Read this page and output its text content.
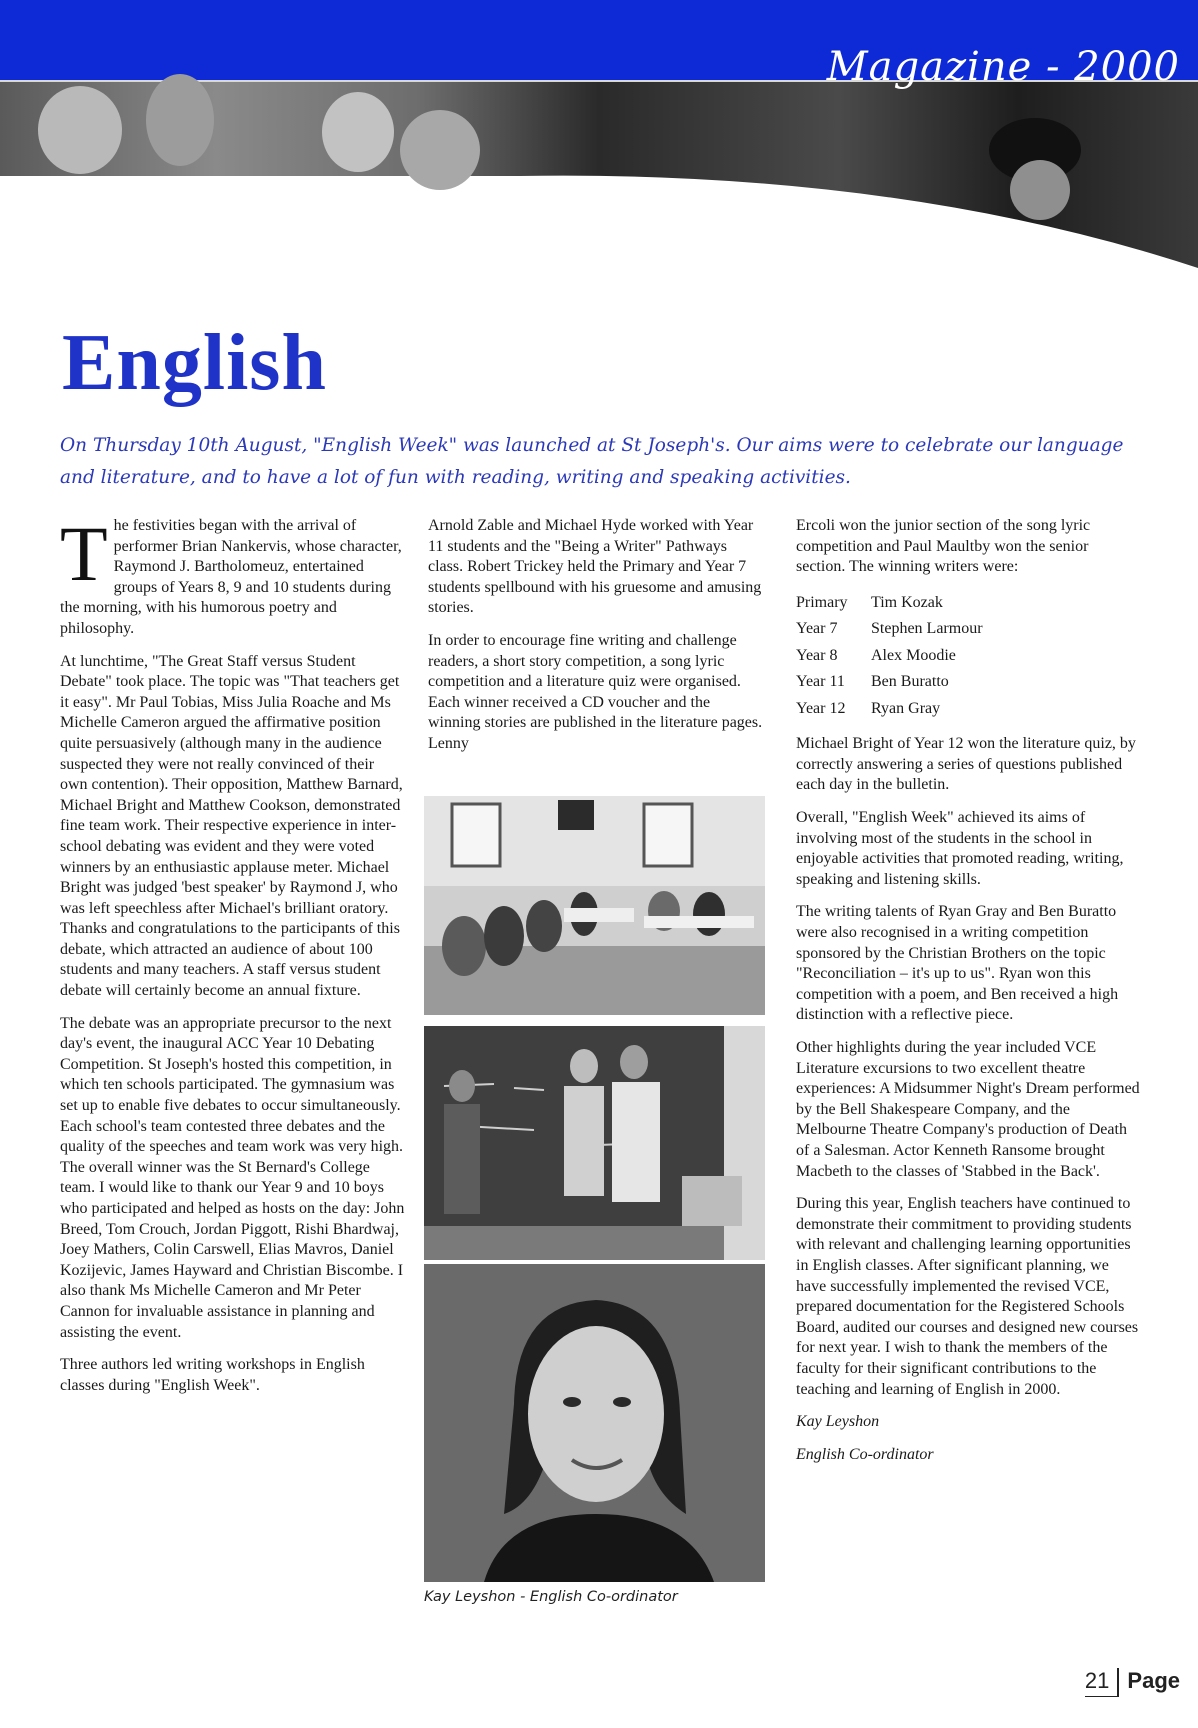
Magazine - 2000
English

On Thursday 10th August, "English Week" was launched at St Joseph's. Our aims were to celebrate our language and literature, and to have a lot of fun with reading, writing and speaking activities.

The festivities began with the arrival of performer Brian Nankervis, whose character, Raymond J. Bartholomeuz, entertained groups of Years 8, 9 and 10 students during the morning, with his humorous poetry and philosophy.

At lunchtime, "The Great Staff versus Student Debate" took place. The topic was "That teachers get it easy". Mr Paul Tobias, Miss Julia Roache and Ms Michelle Cameron argued the affirmative position quite persuasively (although many in the audience suspected they were not really convinced of their own contention). Their opposition, Matthew Barnard, Michael Bright and Matthew Cookson, demonstrated fine team work. Their respective experience in inter-school debating was evident and they were voted winners by an enthusiastic applause meter. Michael Bright was judged 'best speaker' by Raymond J, who was left speechless after Michael's brilliant oratory. Thanks and congratulations to the participants of this debate, which attracted an audience of about 100 students and many teachers. A staff versus student debate will certainly become an annual fixture.

The debate was an appropriate precursor to the next day's event, the inaugural ACC Year 10 Debating Competition. St Joseph's hosted this competition, in which ten schools participated. The gymnasium was set up to enable five debates to occur simultaneously. Each school's team contested three debates and the quality of the speeches and team work was very high. The overall winner was the St Bernard's College team. I would like to thank our Year 9 and 10 boys who participated and helped as hosts on the day: John Breed, Tom Crouch, Jordan Piggott, Rishi Bhardwaj, Joey Mathers, Colin Carswell, Elias Mavros, Daniel Kozijevic, James Hayward and Christian Biscombe. I also thank Ms Michelle Cameron and Mr Peter Cannon for invaluable assistance in planning and assisting the event.

Three authors led writing workshops in English classes during "English Week".

Arnold Zable and Michael Hyde worked with Year 11 students and the "Being a Writer" Pathways class. Robert Trickey held the Primary and Year 7 students spellbound with his gruesome and amusing stories.

In order to encourage fine writing and challenge readers, a short story competition, a song lyric competition and a literature quiz were organised. Each winner received a CD voucher and the winning stories are published in the literature pages. Lenny

Kay Leyshon - English Co-ordinator

Ercoli won the junior section of the song lyric competition and Paul Maultby won the senior section. The winning writers were:

Primary	Tim Kozak
Year 7	Stephen Larmour
Year 8	Alex Moodie
Year 11	Ben Buratto
Year 12	Ryan Gray

Michael Bright of Year 12 won the literature quiz, by correctly answering a series of questions published each day in the bulletin.

Overall, "English Week" achieved its aims of involving most of the students in the school in enjoyable activities that promoted reading, writing, speaking and listening skills.

The writing talents of Ryan Gray and Ben Buratto were also recognised in a writing competition sponsored by the Christian Brothers on the topic "Reconciliation – it's up to us". Ryan won this competition with a poem, and Ben received a high distinction with a reflective piece.

Other highlights during the year included VCE Literature excursions to two excellent theatre experiences: A Midsummer Night's Dream performed by the Bell Shakespeare Company, and the Melbourne Theatre Company's production of Death of a Salesman. Actor Kenneth Ransome brought Macbeth to the classes of 'Stabbed in the Back'.

During this year, English teachers have continued to demonstrate their commitment to providing students with relevant and challenging learning opportunities in English classes. After significant planning, we have successfully implemented the revised VCE, prepared documentation for the Registered Schools Board, audited our courses and designed new courses for next year. I wish to thank the members of the faculty for their significant contributions to the teaching and learning of English in 2000.

Kay Leyshon

English Co-ordinator

21 Page
